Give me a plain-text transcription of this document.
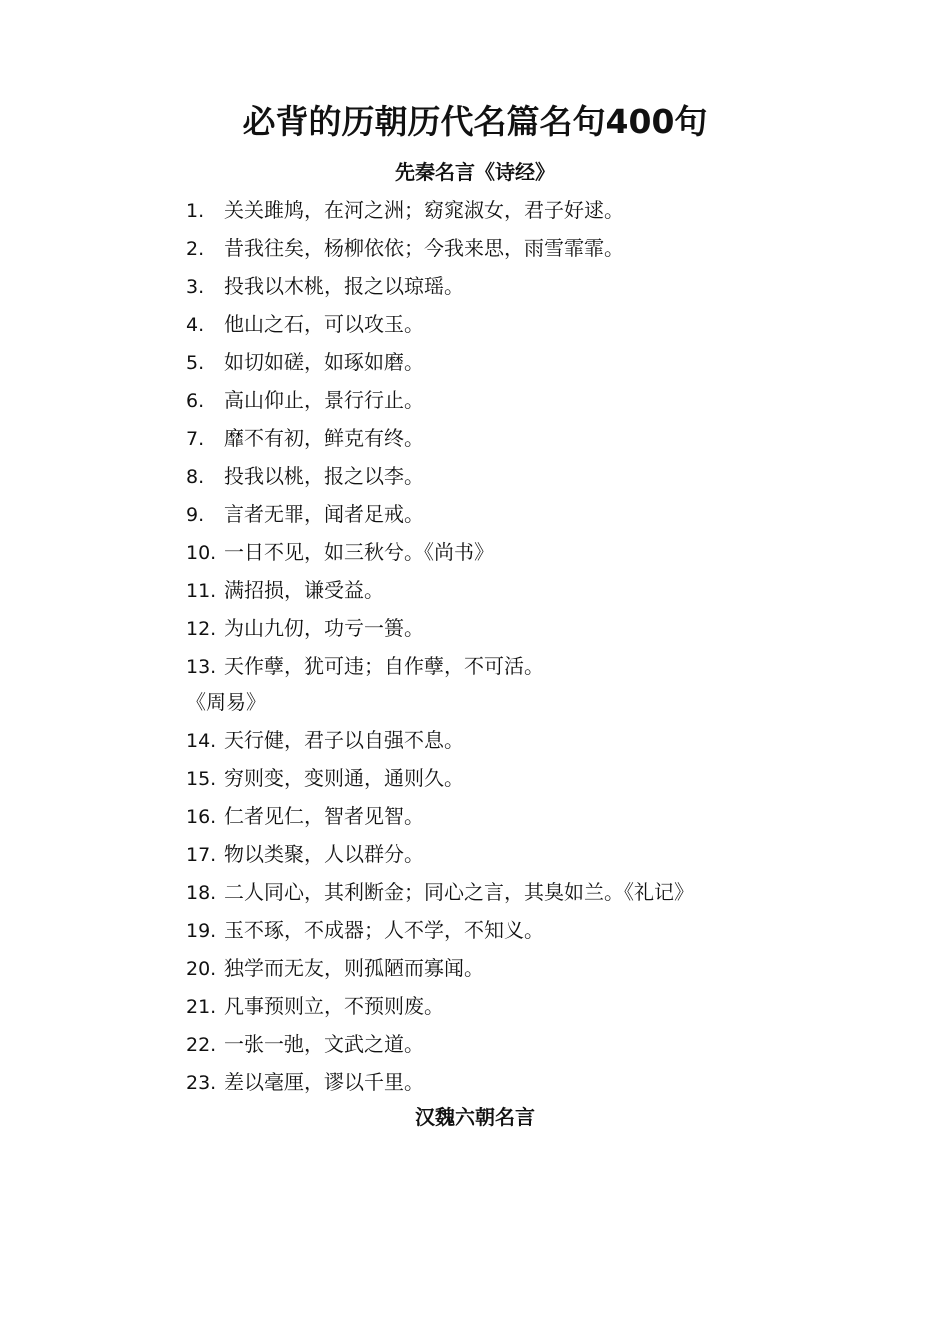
必背的历朝历代名篇名句400句
先秦名言《诗经》
1. 关关雎鸠，在河之洲；窈窕淑女，君子好逑。
2. 昔我往矣，杨柳依依；今我来思，雨雪霏霏。
3. 投我以木桃，报之以琼瑶。
4. 他山之石，可以攻玉。
5. 如切如磋，如琢如磨。
6. 高山仰止，景行行止。
7. 靡不有初，鲜克有终。
8. 投我以桃，报之以李。
9. 言者无罪，闻者足戒。
10. 一日不见，如三秋兮。《尚书》
11. 满招损，谦受益。
12. 为山九仞，功亏一篑。
13. 天作孽，犹可违；自作孽，不可活。
《周易》
14. 天行健，君子以自强不息。
15. 穷则变，变则通，通则久。
16. 仁者见仁，智者见智。
17. 物以类聚，人以群分。
18. 二人同心，其利断金；同心之言，其臭如兰。《礼记》
19. 玉不琢，不成器；人不学，不知义。
20. 独学而无友，则孤陋而寡闻。
21. 凡事预则立，不预则废。
22. 一张一弛，文武之道。
23. 差以毫厘，谬以千里。
汉魏六朝名言
